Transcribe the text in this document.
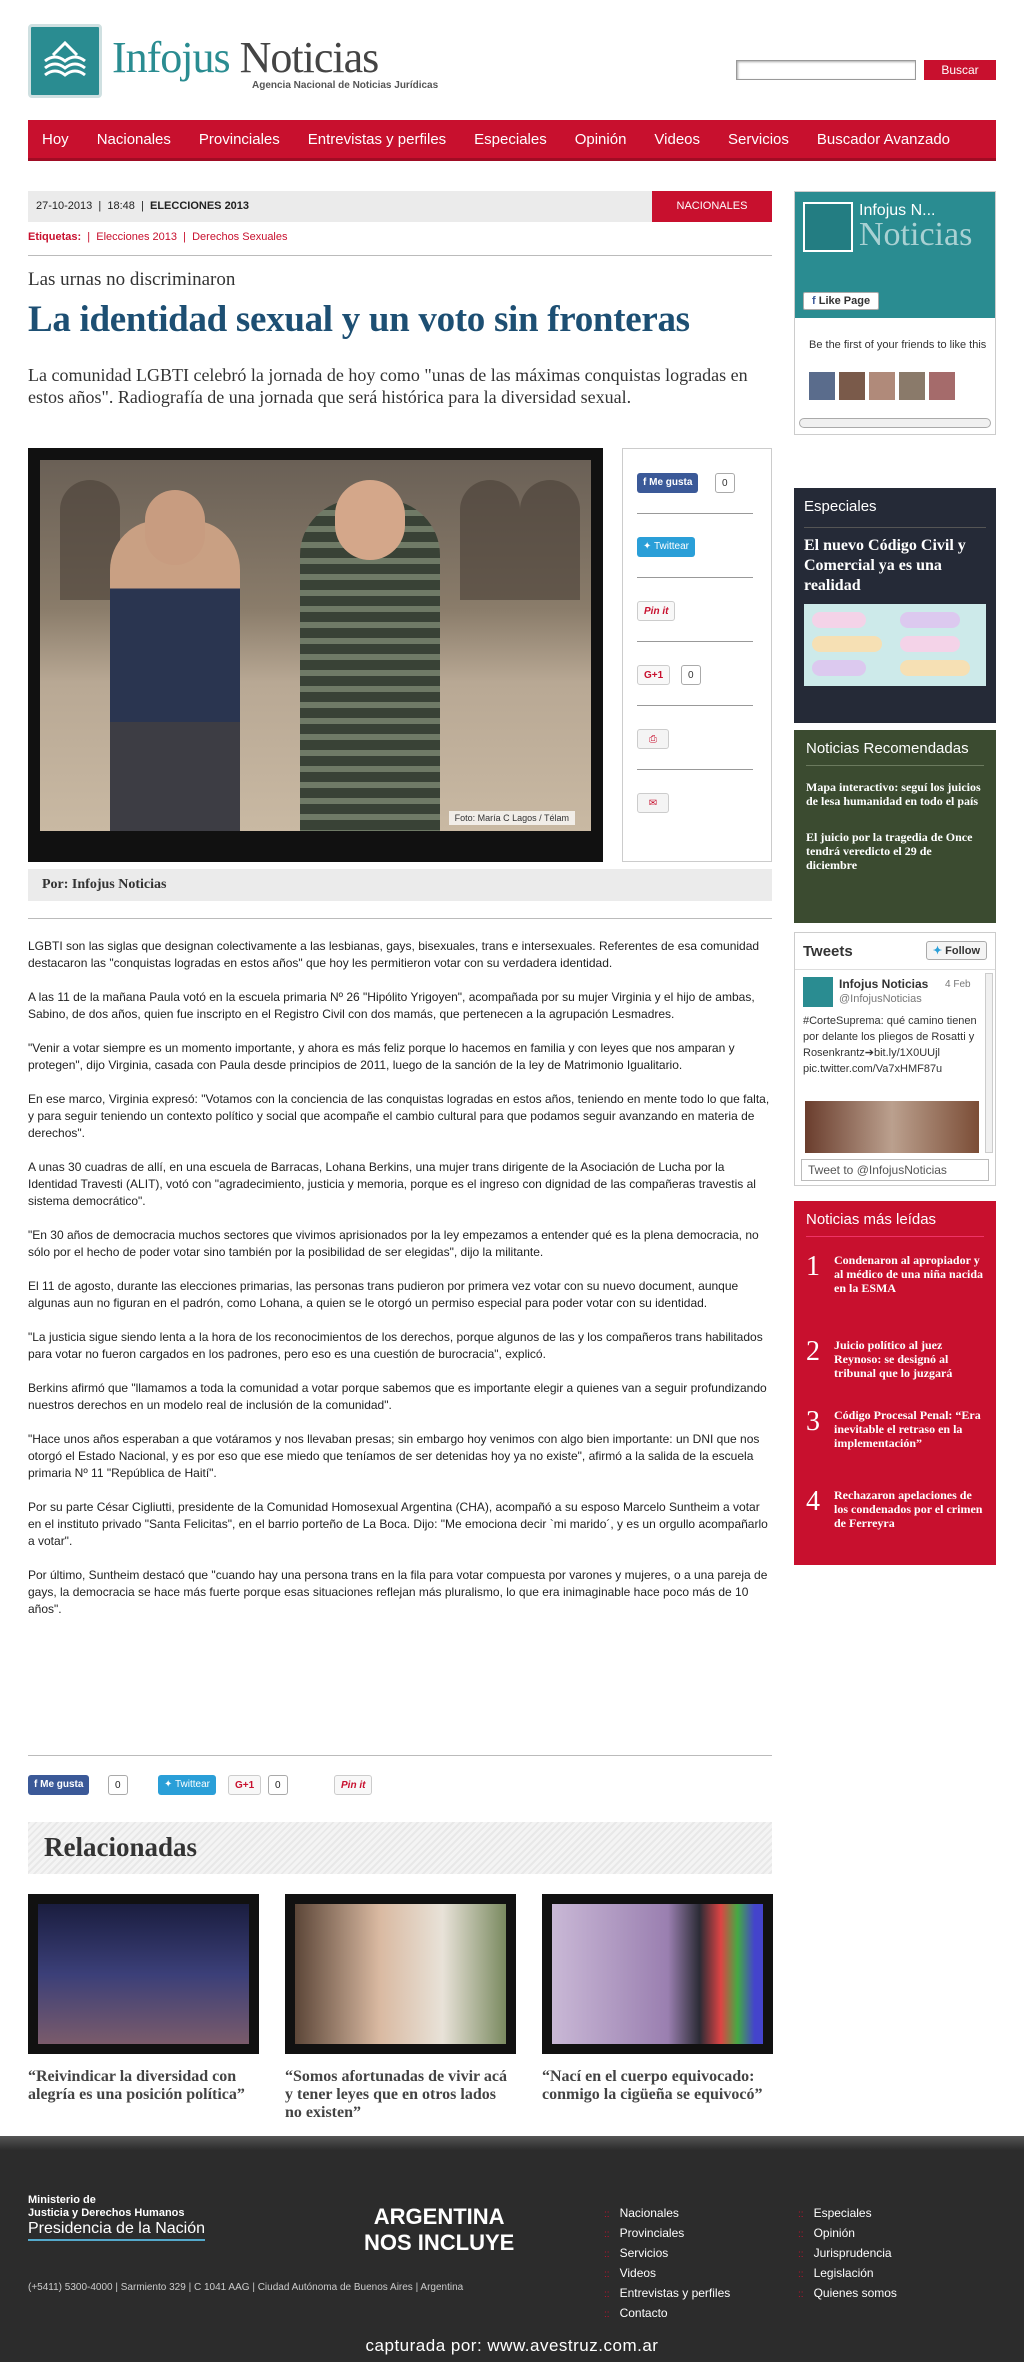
Infojus Noticias
Agencia Nacional de Noticias Jurídicas
Buscar
Hoy Nacionales Provinciales Entrevistas y perfiles Especiales Opinión Videos Servicios Buscador Avanzado
27-10-2013  |  18:48  |  ELECCIONES 2013	NACIONALES
Etiquetas:  |  Elecciones 2013  |  Derechos Sexuales
Las urnas no discriminaron
La identidad sexual y un voto sin fronteras
La comunidad LGBTI celebró la jornada de hoy como "unas de las máximas conquistas logradas en estos años". Radiografía de una jornada que será histórica para la diversidad sexual.
Foto: María C Lagos / Télam
f Me gusta	0
✦ Twittear
Pin it
G+1	0
⎙
✉
Por: Infojus Noticias

LGBTI son las siglas que designan colectivamente a las lesbianas, gays, bisexuales, trans e intersexuales. Referentes de esa comunidad destacaron las "conquistas logradas en estos años" que hoy les permitieron votar con su verdadera identidad.

A las 11 de la mañana Paula votó en la escuela primaria Nº 26 "Hipólito Yrigoyen", acompañada por su mujer Virginia y el hijo de ambas, Sabino, de dos años, quien fue inscripto en el Registro Civil con dos mamás, que pertenecen a la agrupación Lesmadres.

"Venir a votar siempre es un momento importante, y ahora es más feliz porque lo hacemos en familia y con leyes que nos amparan y protegen", dijo Virginia, casada con Paula desde principios de 2011, luego de la sanción de la ley de Matrimonio Igualitario.

En ese marco, Virginia expresó: "Votamos con la conciencia de las conquistas logradas en estos años, teniendo en mente todo lo que falta, y para seguir teniendo un contexto político y social que acompañe el cambio cultural para que podamos seguir avanzando en materia de derechos".

A unas 30 cuadras de allí, en una escuela de Barracas, Lohana Berkins, una mujer trans dirigente de la Asociación de Lucha por la Identidad Travesti (ALIT), votó con "agradecimiento, justicia y memoria, porque es el ingreso con dignidad de las compañeras travestis al sistema democrático".

"En 30 años de democracia muchos sectores que vivimos aprisionados por la ley empezamos a entender qué es la plena democracia, no sólo por el hecho de poder votar sino también por la posibilidad de ser elegidas", dijo la militante.

El 11 de agosto, durante las elecciones primarias, las personas trans pudieron por primera vez votar con su nuevo document, aunque algunas aun no figuran en el padrón, como Lohana, a quien se le otorgó un permiso especial para poder votar con su identidad.

"La justicia sigue siendo lenta a la hora de los reconocimientos de los derechos, porque algunos de las y los compañeros trans habilitados para votar no fueron cargados en los padrones, pero eso es una cuestión de burocracia", explicó.

Berkins afirmó que "llamamos a toda la comunidad a votar porque sabemos que es importante elegir a quienes van a seguir profundizando nuestros derechos en un modelo real de inclusión de la comunidad".

"Hace unos años esperaban a que votáramos y nos llevaban presas; sin embargo hoy venimos con algo bien importante: un DNI que nos otorgó el Estado Nacional, y es por eso que ese miedo que teníamos de ser detenidas hoy ya no existe", afirmó a la salida de la escuela primaria Nº 11 "República de Haití".

Por su parte César Cigliutti, presidente de la Comunidad Homosexual Argentina (CHA), acompañó a su esposo Marcelo Suntheim a votar en el instituto privado "Santa Felicitas", en el barrio porteño de La Boca. Dijo: "Me emociona decir `mi marido´, y es un orgullo acompañarlo a votar".

Por último, Suntheim destacó que "cuando hay una persona trans en la fila para votar compuesta por varones y mujeres, o a una pareja de gays, la democracia se hace más fuerte porque esas situaciones reflejan más pluralismo, lo que era inimaginable hace poco más de 10 años".

f Me gusta	0	✦ Twittear	G+1	0	Pin it
Relacionadas
“Reivindicar la diversidad con alegría es una posición política”
“Somos afortunadas de vivir acá y tener leyes que en otros lados no existen”
“Nací en el cuerpo equivocado: conmigo la cigüeña se equivocó”
Noticias
Infojus N...
f Like Page
Be the first of your friends to like this
Especiales
El nuevo Código Civil y Comercial ya es una realidad
Noticias Recomendadas
Mapa interactivo: seguí los juicios de lesa humanidad en todo el país
El juicio por la tragedia de Once tendrá veredicto el 29 de diciembre
Tweets	✦ Follow
Infojus Noticias 4 Feb
@InfojusNoticias
#CorteSuprema: qué camino tienen por delante los pliegos de Rosatti y Rosenkrantz➔bit.ly/1X0UUjl pic.twitter.com/Va7xHMF87u
Tweet to @InfojusNoticias
Noticias más leídas
1 Condenaron al apropiador y al médico de una niña nacida en la ESMA
2 Juicio político al juez Reynoso: se designó al tribunal que lo juzgará
3 Código Procesal Penal: “Era inevitable el retraso en la implementación”
4 Rechazaron apelaciones de los condenados por el crimen de Ferreyra
Ministerio de
Justicia y Derechos Humanos
Presidencia de la Nación	ARGENTINA
NOS INCLUYE
(+5411) 5300-4000 | Sarmiento 329 | C 1041 AAG | Ciudad Autónoma de Buenos Aires | Argentina
:: Nacionales
:: Provinciales
:: Servicios
:: Videos
:: Entrevistas y perfiles
:: Contacto
:: Especiales
:: Opinión
:: Jurisprudencia
:: Legislación
:: Quienes somos
capturada por: www.avestruz.com.ar
